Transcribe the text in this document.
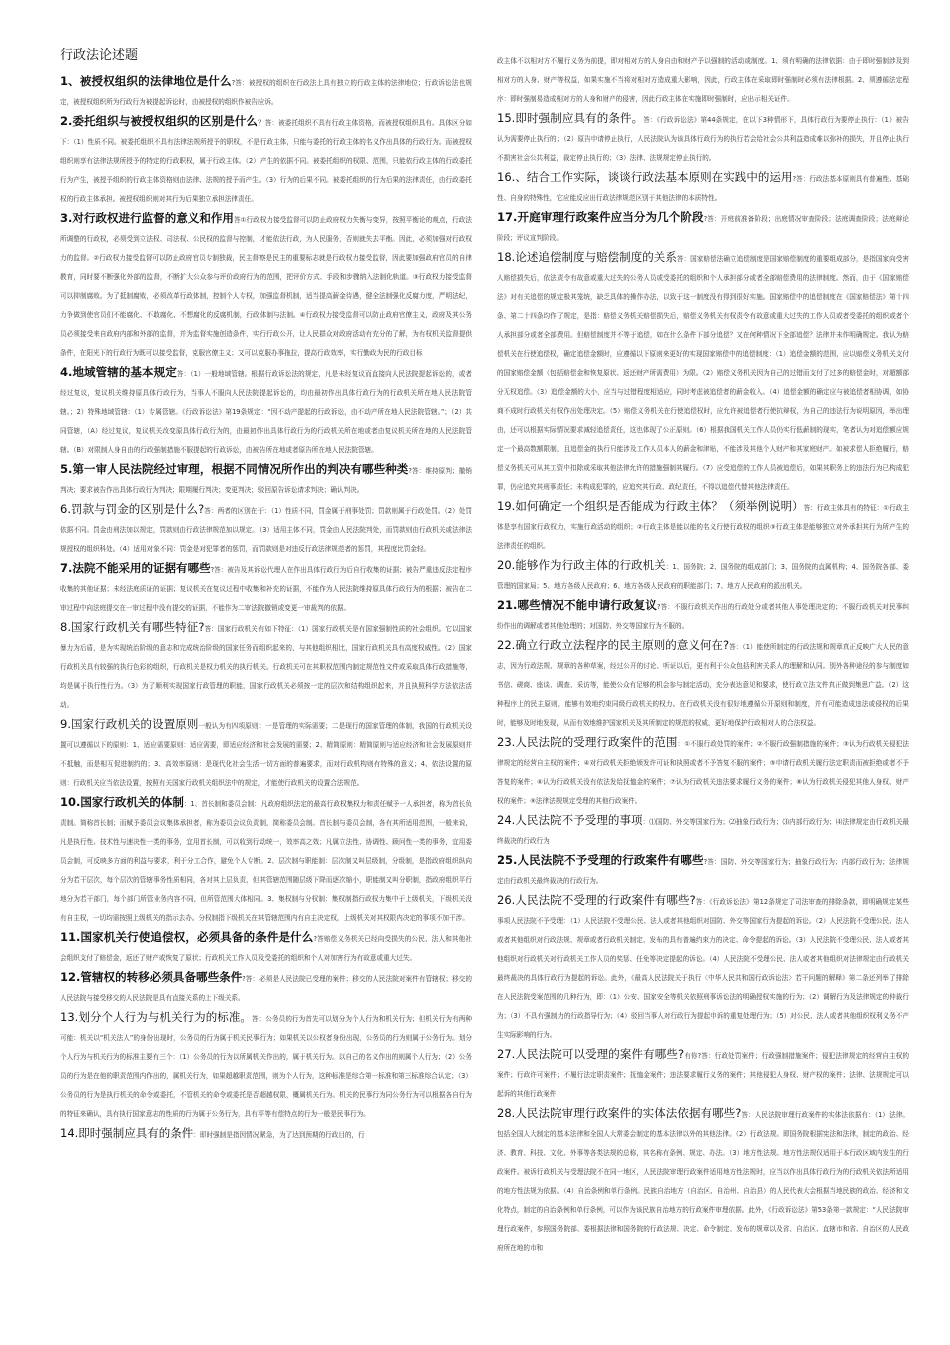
行政法论述题
1、被授权组织的法律地位是什么?答：被授权的组织在行政法上具有独立的行政主体的法律地位；行政诉讼法也规定，被授权组织所为行政行为被提起诉讼时，由被授权的组织作被告应诉。
2.委托组织与被授权组织的区别是什么？答：被委托组织不具有行政主体资格，而被授权组织具有。具体区分如下：（1）性质不同。被委托组织不具有法律法规所授予的职权，不是行政主体，只能与委托的行政主体的名义作出具体的行政行为。而被授权组织则享有法律法规所授予的特定的行政职权，属于行政主体。（2）产生的依据不同。被委托组织的权限、范围，只能依行政主体的行政委托行为产生，被授予组织的行政主体资格则由法律、法规的授予而产生。（3）行为的后果不同。被委托组织的行为后果的法律责任，由行政委托权的行政主体承担。被授权组织则对其行为后果独立承担法律责任。
3.对行政权进行监督的意义和作用答①行政权力接受监督可以防止政府权力失衡与变异，按照平衡论的观点，行政法所调整的行政权，必须受到立法权、司法权、公民权的监督与控制，才能依法行政，为人民服务，否则就失去平衡。因此，必须加强对行政权力的监督。②行政权力接受监督可以防止政府官员专制独裁，民主督察是民主的重要标志就是行政权力接受监督，因此要加强政府官员的自律教育，同时要不断强化外部的监督，不断扩大公众参与评价政府行为的范围，把评价方式、手段和步骤纳入法制化轨道。③行政权力接受监督可以抑制腐败。为了抵制腐败，必须改革行政体制，控制个人专权，加强监督机制，适当提高薪金待遇，健全法制强化反腐力度，严明法纪，力争做到使官员们不能腐化、不敢腐化、不想腐化的反腐机制，行政体制与法制。④行政权力接受监督可以防止政府官僚主义，政府及其公务员必须接受来自政府内部和外部的监督，并为监督实施创造条件，实行行政公开，让人民群众对政府活动有充分的了解，为有权机关监督提供条件，在阳光下的行政行为既可以接受监督，克服官僚主义；又可以克服办事拖拉，提高行政效率，实行勤政为民的行政目标
4.地域管辖的基本规定答：（1）一般地域管辖。根据行政诉讼法的规定，凡是未经复议而直接向人民法院提起诉讼的，或者经过复议，复议机关维持原具体行政行为，当事人不服向人民法院提起诉讼的，均由最初作出具体行政行为的行政机关所在地人民法院管辖。；2）特殊地域管辖：（1）专属管辖。《行政诉讼法》第19条规定：“因不动产提起的行政诉讼，由不动产所在地人民法院管辖。”；（2）共同管辖，（A）经过复议，复议机关改变原具体行政行为的，由最初作出具体行政行为的行政机关所在地或者由复议机关所在地的人民法院管辖。（B）对限制人身自由的行政强制措施不服提起的行政诉讼，由被告所在地或者原告所在地人民法院管辖。
5.第一审人民法院经过审理，根据不同情况所作出的判决有哪些种类?答：维持原判；撤销判决；要求被告作出具体行政行为判决；限期履行判决；变更判决；驳回原告诉讼请求判决；确认判决。
6.罚款与罚金的区别是什么?答：两者的区别在于：（1）性质不同，罚金属于刑事处罚；罚款则属于行政处罚。（2）处罚依据不同。罚金由刑法加以规定，罚款则由行政法律规范加以规定。（3）适用主体不同，罚金由人民法院判处，而罚款则由行政机关或法律法规授权的组织科处。（4）适用对象不同：罚金是对犯罪者的惩罚，而罚款则是对违反行政法律规范者的惩罚，其程度比罚金轻。
7.法院不能采用的证据有哪些?答：被告及其诉讼代理人在作出具体行政行为后自行收集的证据；被告严重违反法定程序收集的其他证据；未经法庭质证的证据；复议机关在复议过程中收集和补充的证据，不能作为人民法院维持原具体行政行为的根据；被告在二审过程中向法庭提交在一审过程中没有提交的证据，不能作为二审法院撤销或变更一审裁判的依据。
8.国家行政机关有哪些特征?答：国家行政机关有如下特征：（1）国家行政机关是有国家强制性质的社会组织。它以国家暴力为后盾，是为实现统治阶级的意志和完成统治阶级的国家任务而组织起来的，与其他组织相比，国家行政机关具有高度权威性。（2）国家行政机关具有较强的执行色彩的组织，行政机关是权力机关的执行机关。行政机关可在其职权范围内制定规范性文件或采取具体行政措施等，均是属于执行性行为。（3）为了顺利实现国家行政管理的职能，国家行政机关必须按一定的层次和结构组织起来，并且执照科学方法依法活动。
9.国家行政机关的设置原则一般认为有四项原则：一是管理的实际需要；二是现行的国家管理的体制，我国的行政机关设置可以遵循以下的原则：1、适应需要原则：适应需要，即适应经济和社会发展的需要；2、精简原则：精简原则与适应经济和社会发展原则并不抵触，而是相互促进制约的；3、高效率原则：是现代化社会生活一切方面的普遍要求，而对行政机构则有特殊的意义；4、依法设置的原则：行政机关应当依法设置，按照有关国家行政机关组织法中的规定，才能使行政机关的设置合法规范。
10.国家行政机关的体制：1、首长制和委员会制：凡政府组织法定的最高行政权集权力和责任赋予一人承担者，称为首长负责制。简称首长制；而赋予委员会议集体承担者，称为委员会议负责制，简称委员会制。首长制与委员会制，各有其所适用范围，一般来说，凡是执行性、技术性与速决性一类的事务，宜用首长制，可以收到行动统一，效率高之效；凡属立法性、协调性、顾问性一类的事务，宜用委员会制，可反映多方面的利益与要求，利于分工合作，避免个人专断。2、层次制与职能制：层次制又叫层级制，分级制，是指政府组织纵向分为若干层次，每个层次的管辖事务性质相同，各对其上层负责，但其管辖范围随层级下降而逐次缩小，职能制又叫分职制，指政府组织平行地分为若干部门，每个部门所管业务内容不同，但所管范围大体相同。3、集权制与分权制：集权制指行政权力集中于上级机关，下级机关没有自主权，一切均需按照上级机关的指示去办。分权制指下级机关在其管辖范围内有自主决定权，上级机关对其权限内决定的事项不加干涉。
11.国家机关行使追偿权，必须具备的条件是什么?答赔偿义务机关已经向受损失的公民、法人和其他社会组织支付了赔偿金，返还了财产或恢复了原状；行政机关工作人员及受委托的组织和个人对加害行为有故意或重大过失。
12.管辖权的转移必须具备哪些条件?答：必须是人民法院已受理的案件；移交的人民法院对案件有管辖权；移交的人民法院与接受移交的人民法院是具有直接关系的上下级关系。
13.划分个人行为与机关行为的标准。答：公务员的行为首先可以划分为个人行为和机关行为；但机关行为有两种可能：机关以“机关法人”的身份出现时，公务员的行为属于机关民事行为；如果机关以公权者身份出现，公务员的行为则属于公务行为。划分个人行为与机关行为的标准主要有三个：（1）公务员的行为以所属机关作出的，属于机关行为。以自己的名义作出的则属个人行为；（2）公务员的行为是在他的职责范围内作出的，属机关行为，如果超越职责范围，则为个人行为，这种标准是综合第一标准和第三标准综合认定；（3）公务员的行为是执行机关的命令或委托，不管机关的命令或委托是否超越权限，概属机关行为。机关的民事行为同公务行为可以根据各自行为的特征来确认，具有执行国家意志的性质的行为属于公务行为，具有平等有偿特点的行为一般是民事行为。
14.即时强制应具有的条件：即时强制是指因情况紧急，为了达到预期的行政目的，行
政主体不以相对方不履行义务为前提，即对相对方的人身自由和财产予以强制的活动或制度。1、须有明确的法律依据：由于即时强制涉及到相对方的人身、财产等权益，如果实施不当将对相对方造成重大影响，因此，行政主体在采取即时强制时必须有法律根据。2、须遵循法定程序：即时强制易造成相对方的人身和财产的侵害，因此行政主体在实施即时强制时，应出示相关证件。
15.即时强制应具有的条件。答：《行政诉讼法》第44条规定，在以下3种情形下，具体行政行为要停止执行：（1）被告认为需要停止执行的；（2）原告申请停止执行，人民法院认为该具体行政行为的执行若会给社会公共利益造成难以弥补的损失，并且停止执行不损害社会公共利益，裁定停止执行的；（3）法律、法规规定停止执行的。
16.、结合工作实际，谈谈行政法基本原则在实践中的运用?答：行政法基本原则具有普遍性、基础性、自身的特殊性，它应能反应出行政法律规范区别于其他法律的本质特性。
17.开庭审理行政案件应当分为几个阶段?答：开庭前准备阶段；出庭情况审查阶段；法庭调查阶段；法庭辩论阶段；评议宣判阶段。
18.论述追偿制度与赔偿制度的关系答：国家赔偿法确立追偿制度是国家赔偿制度的重要组成部分，是指国家向受害人赔偿损失后，依法责令有故意或重大过失的公务人员或受委托的组织和个人承担部分或者全部赔偿费用的法律制度。然而，由于《国家赔偿法》对有关追偿的规定极其笼统，缺乏具体的操作办法，以致于这一制度没有得到很好实施。国家赔偿中的追偿制度在《国家赔偿法》第十四条、第二十四条均作了规定，是指：赔偿义务机关赔偿损失后，赔偿义务机关有权责令有故意或重大过失的工作人员或者受委托的组织或者个人承担部分或者全部费用。但赔偿制度并不等于追偿，如在什么条件下部分追偿？又在何种情况下全部追偿？法律并未作明确规定。我认为赔偿机关在行使追偿权，确定追偿金额时，应遵循以下原则来更好的实现国家赔偿中的追偿制度：（1）追偿金额的范围，应以赔偿义务机关支付的国家赔偿金额（包括赔偿金和恢复原状、返还财产所需费用）为限。（2）赔偿义务机关因为自己的过错而支付了过多的赔偿金时，对超额部分无权追偿。（3）追偿金额的大小，应当与过错程度相适应，同时考虑被追偿者的薪金收入。（4）追偿金额的确定应与被追偿者相协调，如协商不成时行政机关有权作出处理决定。（5）赔偿义务机关在行使追偿权时，应允许被追偿者行使抗辩权，为自己的违法行为说明原因，举出理由，还可以根据实际情况要求减轻追偿责任，这也体现了公正原则。（6）根据我国机关工作人员仍实行低薪制的现实，笔者认为对追偿额应规定一个最高数额限制，且追偿金的执行只能涉及工作人员本人的薪金和津贴，不能涉及其他个人财产和其家庭财产。如被求偿人拒绝履行，赔偿义务机关可从其工资中扣除或采取其他法律允许的措施强制其履行。（7）应受追偿的工作人员被追偿后，如果其职务上的违法行为已构成犯罪，仍应追究其刑事责任；未构成犯罪的，应追究其行政、政纪责任，不得以追偿代替其他法律责任。
19.如何确定一个组织是否能成为行政主体？（须举例说明）答：行政主体具有的特征：①行政主体是享有国家行政权力，实施行政活动的组织；②行政主体是能以能的名义行使行政权的组织③行政主体是能够独立对外承担其行为所产生的法律责任的组织。
20.能够作为行政主体的行政机关：1、国务院；2、国务院的组成部门；3、国务院的直属机构；4、国务院各部、委管理的国家局；5、地方各级人民政府；6、地方各级人民政府的职能部门；7、地方人民政府的派出机关。
21.哪些情况不能申请行政复议?答：不服行政机关作出的行政处分或者其他人事处理决定的；不服行政机关对民事纠纷作出的调解或者其他处理的；对国防、外交等国家行为不服的。
22.确立行政立法程序的民主原则的意义何在?答：（1）能使所制定的行政法规和规章真正反映广大人民的意志，因为行政法规、规章的各种草案，经过公开的讨论、听证以后，更有利于公众包括利害关系人的理解和认同。别外各种途径的参与制度如书信、磋商、座谈、调查、采访等，能使公众有足够的机会参与制定活动，充分表达意见和要求，使行政立法文件真正做到集思广益。（2）这种程序上的民主原则，能够有效地约束同级行政机关的权力。在行政机关没有很好地遵循公开原则和制度，并有可能造成违法或侵权的后果时，能够及时地发现，从而有效地维护国家机关及其所制定的规范的权威，更好地保护行政相对人的合法权益。
23.人民法院的受理行政案件的范围：①不服行政处罚的案件；②不服行政强制措施的案件；③认为行政机关侵犯法律规定的经营自主权的案件；④对行政机关拒绝颁发许可证和执照或者不予答复不服的案件；⑤申请行政机关履行法定职责而被拒绝或者不予答复的案件；⑥认为行政机关没有依法发给抚恤金的案件；⑦认为行政机关违法要求履行义务的案件；⑧认为行政机关侵犯其他人身权、财产权的案件；⑨法律法规规定受理的其他行政案件。
24.人民法院不予受理的事项：⑴国防、外交等国家行为；⑵抽象行政行为；⑶内部行政行为；⑷法律规定由行政机关最终裁决的行政行为
25.人民法院不予受理的行政案件有哪些?答：国防、外交等国家行为；抽象行政行为；内部行政行为；法律规定由行政机关最终裁决的行政行为。
26.人民法院不受理的行政案件有哪些?答：《行政诉讼法》第12条规定了司法审查的排除条款，即明确规定某些事项人民法院不予受理：（1）人民法院不受理公民、法人或者其他组织对国防、外交等国家行为提起的诉讼。（2）人民法院不受理公民、法人或者其他组织对行政法规、规章或者行政机关制定、发布的具有普遍约束力的决定、命令提起的诉讼。（3）人民法院不受理公民、法人或者其他组织对行政机关对行政机关工作人员的奖惩、任免等决定提起的诉讼。（4）人民法院不受理公民、法人或者其他组织对法律规定由行政机关最终裁决的具体行政行为提起的诉讼。此外，《最高人民法院关于执行〈中华人民共和国行政诉讼法〉若干问题的解释》第二条还列举了排除在人民法院受案范围的几种行为，即：（1）公安、国家安全等机关依照刑事诉讼法的明确授权实施的行为；（2）调解行为及法律规定的仲裁行为；（3）不具有强制力的行政指导行为；（4）驳回当事人对行政行为提起申诉的重复处理行为；（5）对公民、法人或者其他组织权利义务不产生实际影响的行为。
27.人民法院可以受理的案件有哪些?有你?答：行政处罚案件；行政强制措施案件；侵犯法律规定的经营自主权的案件；行政许可案件；不履行法定职责案件；抚恤金案件；违法要求履行义务的案件；其他侵犯人身权、财产权的案件；法律、法规规定可以起诉的其他行政案件
28.人民法院审理行政案件的实体法依据有哪些?答：人民法院审理行政案件的实体法依据有：（1）法律。包括全国人大制定的基本法律和全国人大常委会制定的基本法律以外的其他法律。（2）行政法规。即国务院根据宪法和法律，制定的政治、经济、教育、科技、文化、外事等各类法规的总称，其名称有条例、规定、办法。（3）地方性法规。地方性法规仅适用于本行政区域内发生的行政案件。被诉行政机关与受理法院不在同一地区，人民法院审理行政案件适用地方性法规时，应当以作出具体行政行为的行政机关依法所适用的地方性法规为依据。（4）自治条例和单行条例。民族自治地方（自治区、自治州、自治县）的人民代表大会根据当地民族的政治、经济和文化特点，制定的自治条例和单行条例，可以作为该民族自治地方的行政案件审理依据。此外，《行政诉讼法》第53条第一款规定：“人民法院审理行政案件，参照国务院部、委根据法律和国务院的行政法规、决定、命令制定、发布的规章以及省、自治区、直辖市和省、自治区的人民政府所在地的市和
